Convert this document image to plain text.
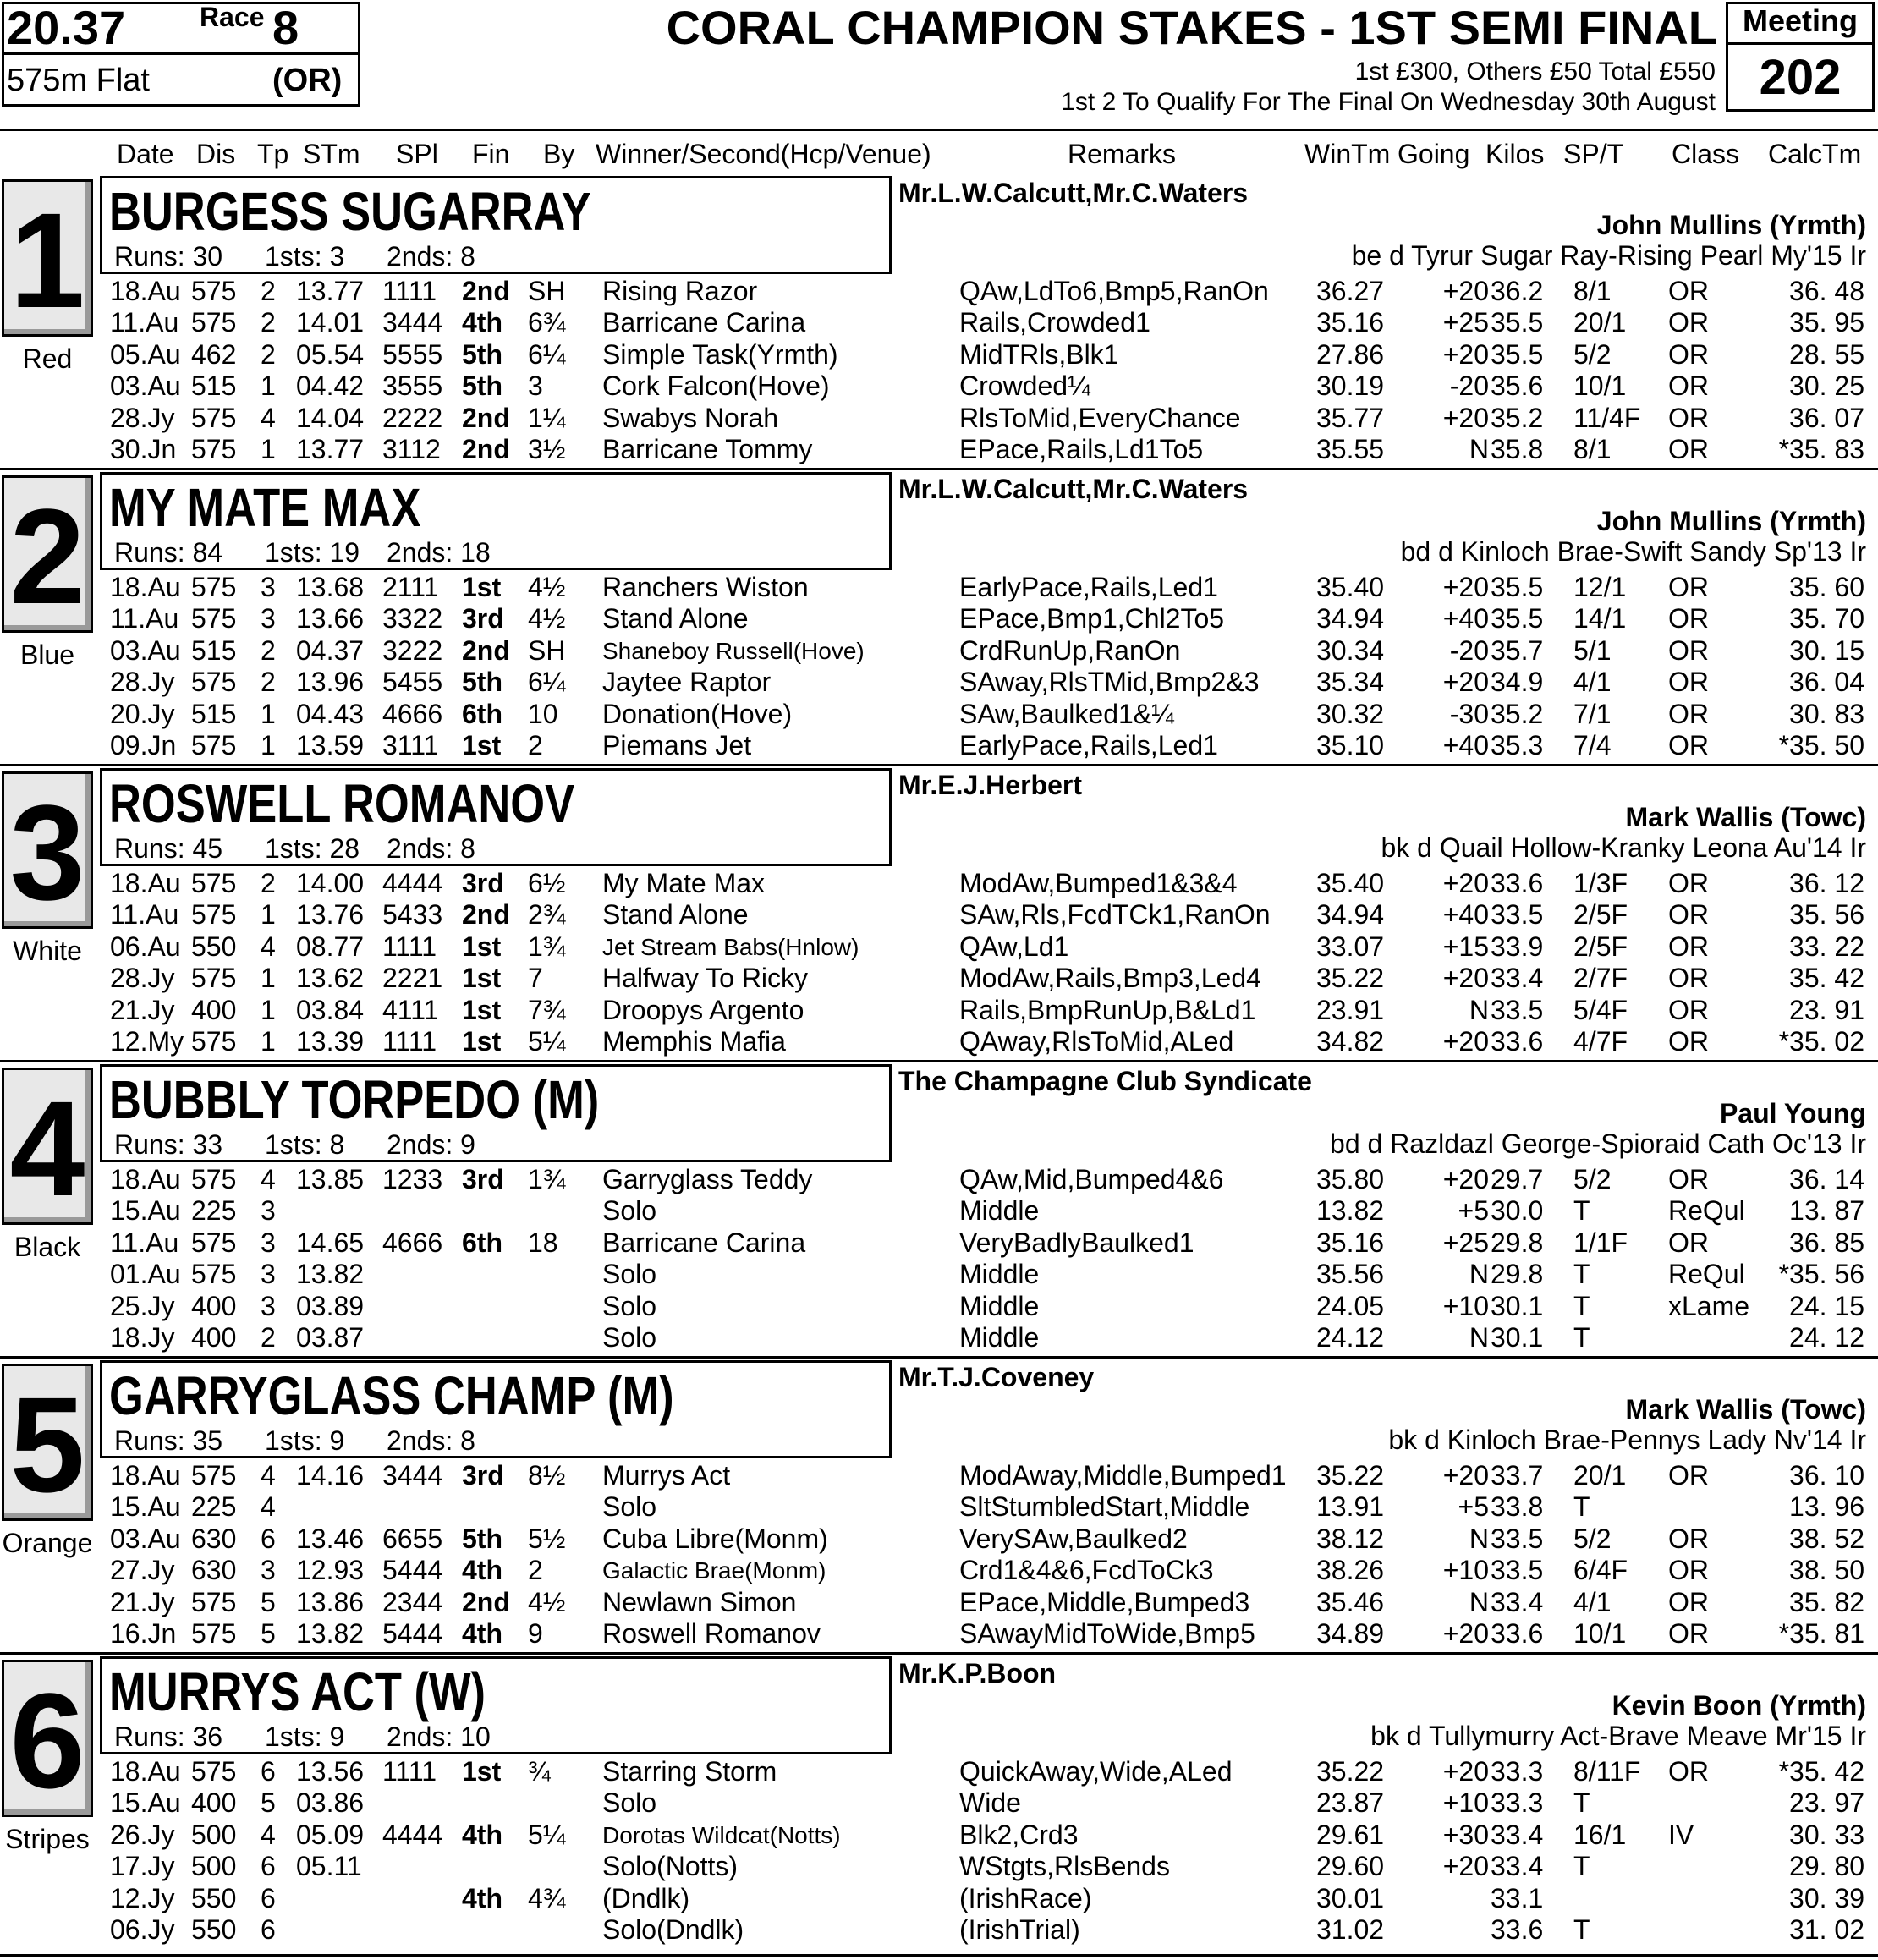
20.37	Race 8
575m Flat	(OR)
CORAL CHAMPION STAKES - 1ST SEMI FINAL
1st £300, Others £50 Total £550
1st 2 To Qualify For The Final On Wednesday 30th August
Meeting
202
Date Dis Tp STm SPl Fin By Winner/Second(Hcp/Venue)	Remarks	WinTm Going Kilos SP/T Class CalcTm
1
Red
BURGESS SUGARRAY
Runs: 30 1sts: 3 2nds: 8
Mr.L.W.Calcutt,Mr.C.Waters
John Mullins (Yrmth)
be d Tyrur Sugar Ray-Rising Pearl My'15 Ir
18.Au 575 2 13.77 1111 2nd SH Rising Razor	QAw,LdTo6,Bmp5,RanOn 36.27 +20 36.2 8/1 OR	36. 48
11.Au 575 2 14.01 3444 4th 6¾ Barricane Carina	Rails,Crowded1	35.16 +25 35.5 20/1 OR	35. 95
05.Au 462 2 05.54 5555 5th 6¼ Simple Task(Yrmth)	MidTRls,Blk1	27.86 +20 35.5 5/2 OR	28. 55
03.Au 515 1 04.42 3555 5th 3 Cork Falcon(Hove)	Crowded¼	30.19 -20 35.6 10/1 OR	30. 25
28.Jy 575 4 14.04 2222 2nd 1¼ Swabys Norah	RlsToMid,EveryChance	35.77 +20 35.2 11/4F OR	36. 07
30.Jn 575 1 13.77 3112 2nd 3½ Barricane Tommy	EPace,Rails,Ld1To5	35.55	N 35.8 8/1 OR	*35. 83
2
Blue
MY MATE MAX
Runs: 84 1sts: 19 2nds: 18
Mr.L.W.Calcutt,Mr.C.Waters
John Mullins (Yrmth)
bd d Kinloch Brae-Swift Sandy Sp'13 Ir
18.Au 575 3 13.68 2111 1st 4½ Ranchers Wiston	EarlyPace,Rails,Led1	35.40 +20 35.5 12/1 OR	35. 60
11.Au 575 3 13.66 3322 3rd 4½ Stand Alone	EPace,Bmp1,Chl2To5	34.94 +40 35.5 14/1 OR	35. 70
03.Au 515 2 04.37 3222 2nd SH Shaneboy Russell(Hove)	CrdRunUp,RanOn	30.34 -20 35.7 5/1 OR	30. 15
28.Jy 575 2 13.96 5455 5th 6¼ Jaytee Raptor	SAway,RlsTMid,Bmp2&3 35.34 +20 34.9 4/1 OR	36. 04
20.Jy 515 1 04.43 4666 6th 10 Donation(Hove)	SAw,Baulked1&¼	30.32 -30 35.2 7/1 OR	30. 83
09.Jn 575 1 13.59 3111 1st 2 Piemans Jet	EarlyPace,Rails,Led1	35.10 +40 35.3 7/4 OR	*35. 50
3
White
ROSWELL ROMANOV
Runs: 45 1sts: 28 2nds: 8
Mr.E.J.Herbert
Mark Wallis (Towc)
bk d Quail Hollow-Kranky Leona Au'14 Ir
18.Au 575 2 14.00 4444 3rd 6½ My Mate Max	ModAw,Bumped1&3&4	35.40 +20 33.6 1/3F OR	36. 12
11.Au 575 1 13.76 5433 2nd 2¾ Stand Alone	SAw,Rls,FcdTCk1,RanOn 34.94 +40 33.5 2/5F OR	35. 56
06.Au 550 4 08.77 1111 1st 1¾ Jet Stream Babs(Hnlow)	QAw,Ld1	33.07 +15 33.9 2/5F OR	33. 22
28.Jy 575 1 13.62 2221 1st 7 Halfway To Ricky	ModAw,Rails,Bmp3,Led4 35.22 +20 33.4 2/7F OR	35. 42
21.Jy 400 1 03.84 4111 1st 7¾ Droopys Argento	Rails,BmpRunUp,B&Ld1 23.91	N 33.5 5/4F OR	23. 91
12.My 575 1 13.39 1111 1st 5¼ Memphis Mafia	QAway,RlsToMid,ALed	34.82 +20 33.6 4/7F OR	*35. 02
4
Black
BUBBLY TORPEDO (M)
Runs: 33 1sts: 8 2nds: 9
The Champagne Club Syndicate
Paul Young
bd d Razldazl George-Spioraid Cath Oc'13 Ir
18.Au 575 4 13.85 1233 3rd 1¾ Garryglass Teddy	QAw,Mid,Bumped4&6	35.80 +20 29.7 5/2 OR	36. 14
15.Au 225 3	Solo	Middle	13.82	+5 30.0 T	ReQul 13. 87
11.Au 575 3 14.65 4666 6th 18 Barricane Carina	VeryBadlyBaulked1	35.16 +25 29.8 1/1F OR	36. 85
01.Au 575 3 13.82	Solo	Middle	35.56	N 29.8 T	ReQul *35. 56
25.Jy 400 3 03.89	Solo	Middle	24.05 +10 30.1 T	xLame 24. 15
18.Jy 400 2 03.87	Solo	Middle	24.12	N 30.1 T	24. 12
5
Orange
GARRYGLASS CHAMP (M)
Runs: 35 1sts: 9 2nds: 8
Mr.T.J.Coveney
Mark Wallis (Towc)
bk d Kinloch Brae-Pennys Lady Nv'14 Ir
18.Au 575 4 14.16 3444 3rd 8½ Murrys Act	ModAway,Middle,Bumped1 35.22 +20 33.7 20/1 OR	36. 10
15.Au 225 4	Solo	SltStumbledStart,Middle 13.91	+5 33.8 T	13. 96
03.Au 630 6 13.46 6655 5th 5½ Cuba Libre(Monm)	VerySAw,Baulked2	38.12	N 33.5 5/2 OR	38. 52
27.Jy 630 3 12.93 5444 4th 2	Galactic Brae(Monm)	Crd1&4&6,FcdToCk3	38.26 +10 33.5 6/4F OR	38. 50
21.Jy 575 5 13.86 2344 2nd 4½ Newlawn Simon	EPace,Middle,Bumped3 35.46	N 33.4 4/1 OR	35. 82
16.Jn 575 5 13.82 5444 4th 9 Roswell Romanov	SAwayMidToWide,Bmp5 34.89 +20 33.6 10/1 OR	*35. 81
6
Stripes
MURRYS ACT (W)
Runs: 36 1sts: 9 2nds: 10
Mr.K.P.Boon
Kevin Boon (Yrmth)
bk d Tullymurry Act-Brave Meave Mr'15 Ir
18.Au 575 6 13.56 1111 1st ¾ Starring Storm	QuickAway,Wide,ALed	35.22 +20 33.3 8/11F OR	*35. 42
15.Au 400 5 03.86	Solo	Wide	23.87 +10 33.3 T	23. 97
26.Jy 500 4 05.09 4444 4th 5¼ Dorotas Wildcat(Notts)	Blk2,Crd3	29.61 +30 33.4 16/1 IV	30. 33
17.Jy 500 6 05.11	Solo(Notts)	WStgts,RlsBends	29.60 +20 33.4 T	29. 80
12.Jy 550 6	4th 4¾ (Dndlk)	(IrishRace)	30.01	33.1	30. 39
06.Jy 550 6	Solo(Dndlk)	(IrishTrial)	31.02	33.6 T	31. 02
